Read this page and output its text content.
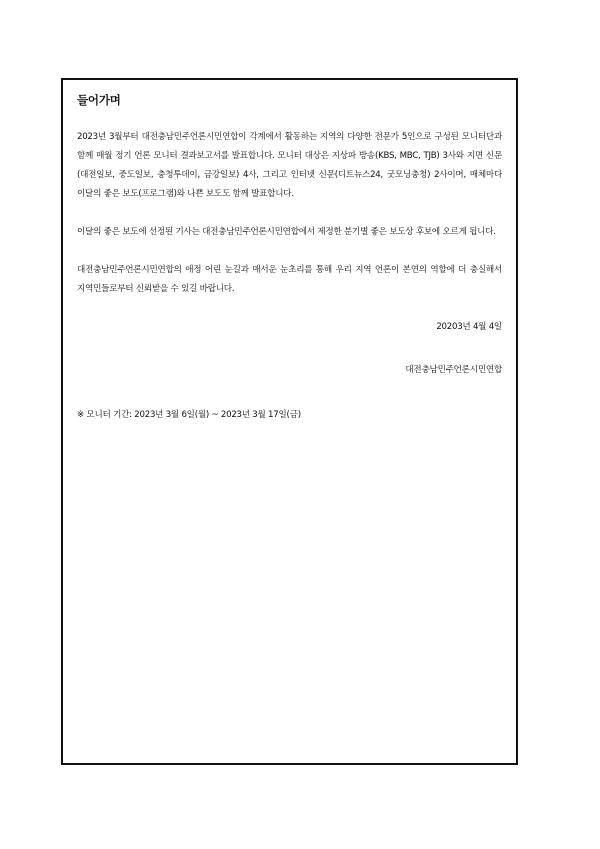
들어가며

2023년 3월부터 대전충남민주언론시민연합이 각계에서 활동하는 지역의 다양한 전문가 5인으로 구성된 모니터단과 함께 매월 정기 언론 모니터 결과보고서를 발표합니다. 모니터 대상은 지상파 방송(KBS, MBC, TJB) 3사와 지면 신문(대전일보, 중도일보, 충청투데이, 금강일보) 4사, 그리고 인터넷 신문(디트뉴스24, 굿모닝충청) 2사이며, 매체마다 이달의 좋은 보도(프로그램)와 나쁜 보도도 함께 발표합니다.

이달의 좋은 보도에 선정된 기사는 대전충남민주언론시민연합에서 제정한 분기별 좋은 보도상 후보에 오르게 됩니다.

대전충남민주언론시민연합의 애정 어린 눈길과 매서운 눈초리를 통해 우리 지역 언론이 본연의 역할에 더 충실해서 지역민들로부터 신뢰받을 수 있길 바랍니다.

20203년 4월 4일

대전충남민주언론시민연합

※ 모니터 기간: 2023년 3월 6일(월) ~ 2023년 3월 17일(금)
